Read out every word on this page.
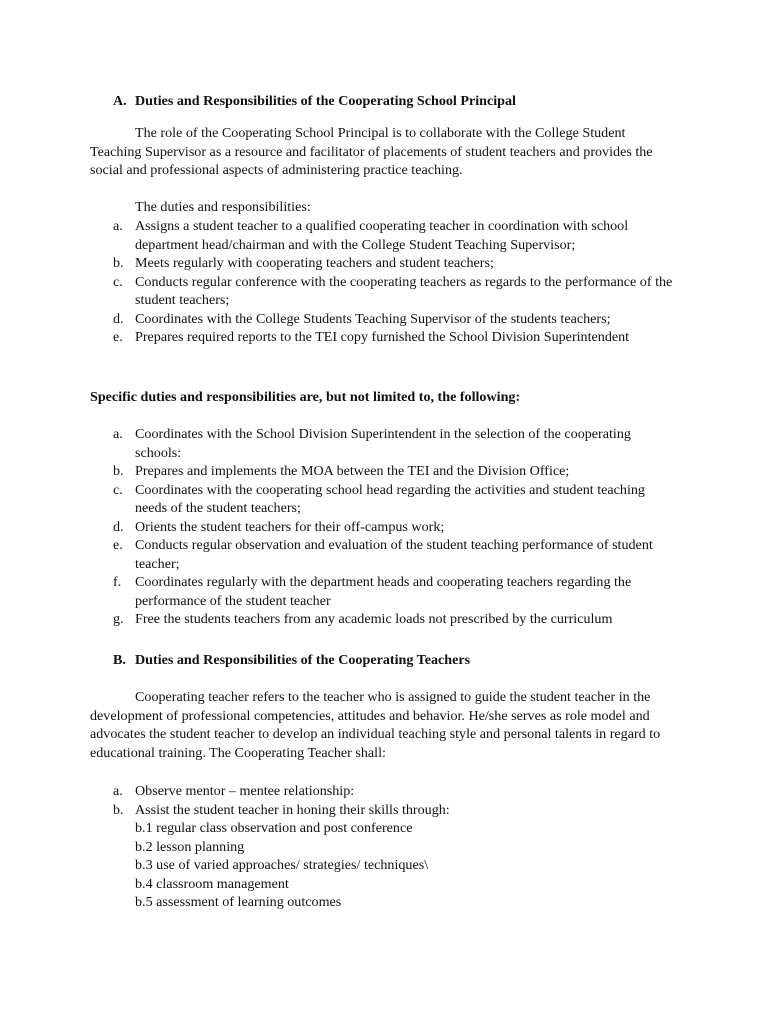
A. Duties and Responsibilities of the Cooperating School Principal

The role of the Cooperating School Principal is to collaborate with the College Student Teaching Supervisor as a resource and facilitator of placements of student teachers and provides the social and professional aspects of administering practice teaching.

The duties and responsibilities:

a. Assigns a student teacher to a qualified cooperating teacher in coordination with school department head/chairman and with the College Student Teaching Supervisor;
b. Meets regularly with cooperating teachers and student teachers;
c. Conducts regular conference with the cooperating teachers as regards to the performance of the student teachers;
d. Coordinates with the College Students Teaching Supervisor of the students teachers;
e. Prepares required reports to the TEI copy furnished the School Division Superintendent
Specific duties and responsibilities are, but not limited to, the following:
a. Coordinates with the School Division Superintendent in the selection of the cooperating schools:
b. Prepares and implements the MOA between the TEI and the Division Office;
c. Coordinates with the cooperating school head regarding the activities and student teaching needs of the student teachers;
d. Orients the student teachers for their off-campus work;
e. Conducts regular observation and evaluation of the student teaching performance of student teacher;
f. Coordinates regularly with the department heads and cooperating teachers regarding the performance of the student teacher
g. Free the students teachers from any academic loads not prescribed by the curriculum
B. Duties and Responsibilities of the Cooperating Teachers

Cooperating teacher refers to the teacher who is assigned to guide the student teacher in the development of professional competencies, attitudes and behavior. He/she serves as role model and advocates the student teacher to develop an individual teaching style and personal talents in regard to educational training. The Cooperating Teacher shall:

a. Observe mentor – mentee relationship:
b. Assist the student teacher in honing their skills through:
b.1 regular class observation and post conference
b.2 lesson planning
b.3 use of varied approaches/ strategies/ techniques\
b.4 classroom management
b.5 assessment of learning outcomes
